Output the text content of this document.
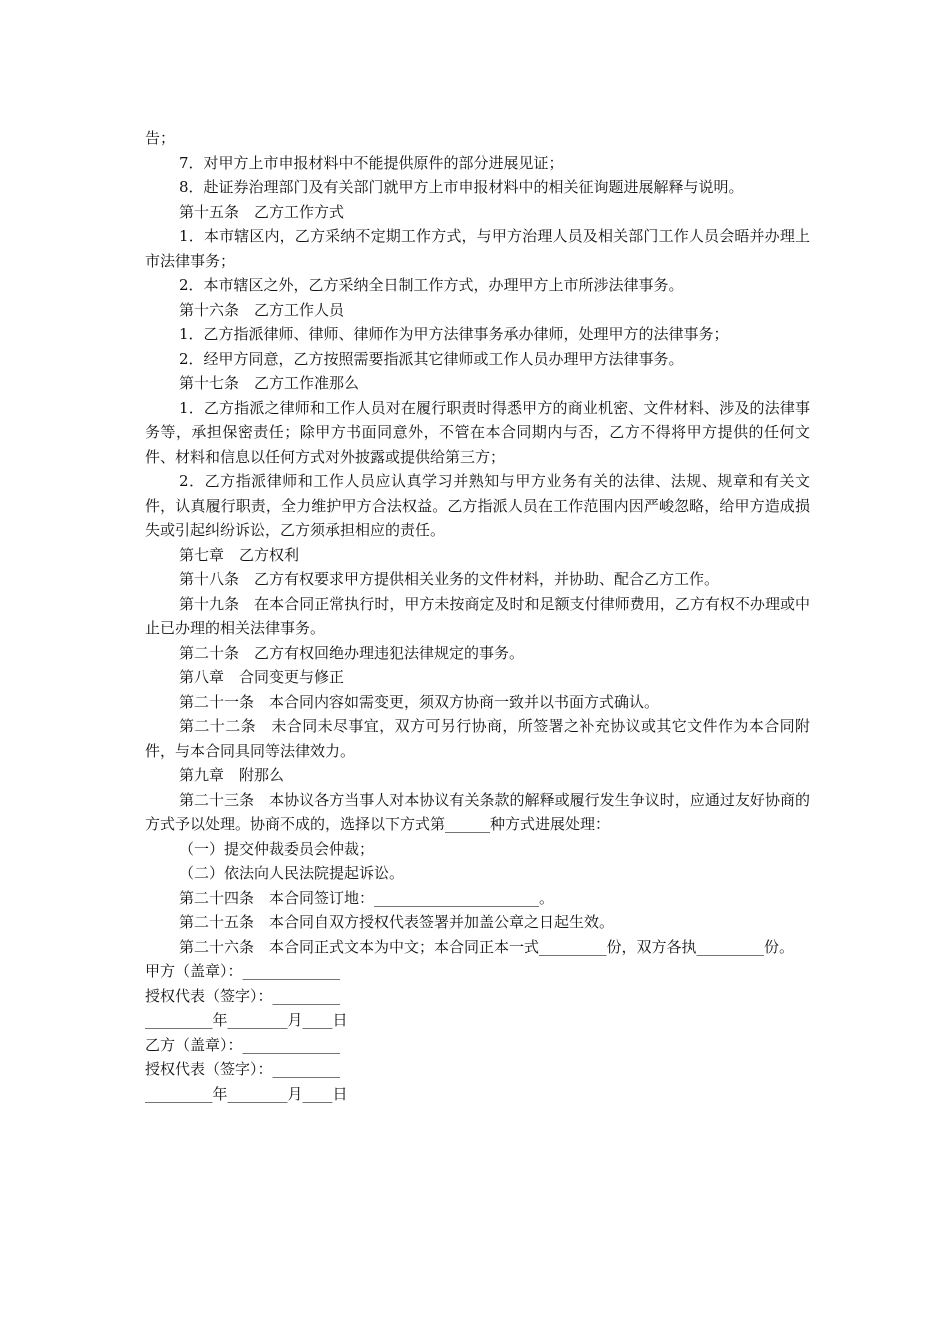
告；

7．对甲方上市申报材料中不能提供原件的部分进展见证；

8．赴证券治理部门及有关部门就甲方上市申报材料中的相关征询题进展解释与说明。

第十五条　乙方工作方式

1．本市辖区内，乙方采纳不定期工作方式，与甲方治理人员及相关部门工作人员会晤并办理上市法律事务；

2．本市辖区之外，乙方采纳全日制工作方式，办理甲方上市所涉法律事务。

第十六条　乙方工作人员

1．乙方指派律师、律师、律师作为甲方法律事务承办律师，处理甲方的法律事务；

2．经甲方同意，乙方按照需要指派其它律师或工作人员办理甲方法律事务。

第十七条　乙方工作准那么

1．乙方指派之律师和工作人员对在履行职责时得悉甲方的商业机密、文件材料、涉及的法律事务等，承担保密责任；除甲方书面同意外，不管在本合同期内与否，乙方不得将甲方提供的任何文件、材料和信息以任何方式对外披露或提供给第三方；

2．乙方指派律师和工作人员应认真学习并熟知与甲方业务有关的法律、法规、规章和有关文件，认真履行职责，全力维护甲方合法权益。乙方指派人员在工作范围内因严峻忽略，给甲方造成损失或引起纠纷诉讼，乙方须承担相应的责任。

第七章　乙方权利

第十八条　乙方有权要求甲方提供相关业务的文件材料，并协助、配合乙方工作。

第十九条　在本合同正常执行时，甲方未按商定及时和足额支付律师费用，乙方有权不办理或中止已办理的相关法律事务。

第二十条　乙方有权回绝办理违犯法律规定的事务。

第八章　合同变更与修正

第二十一条　本合同内容如需变更，须双方协商一致并以书面方式确认。

第二十二条　未合同未尽事宜，双方可另行协商，所签署之补充协议或其它文件作为本合同附件，与本合同具同等法律效力。

第九章　附那么

第二十三条　本协议各方当事人对本协议有关条款的解释或履行发生争议时，应通过友好协商的方式予以处理。协商不成的，选择以下方式第______种方式进展处理：

（一）提交仲裁委员会仲裁；

（二）依法向人民法院提起诉讼。

第二十四条　本合同签订地：______________________。

第二十五条　本合同自双方授权代表签署并加盖公章之日起生效。

第二十六条　本合同正式文本为中文；本合同正本一式_________份，双方各执_________份。

甲方（盖章）：_____________

授权代表（签字）：_________

_________年________月____日

乙方（盖章）：_____________

授权代表（签字）：_________

_________年________月____日
